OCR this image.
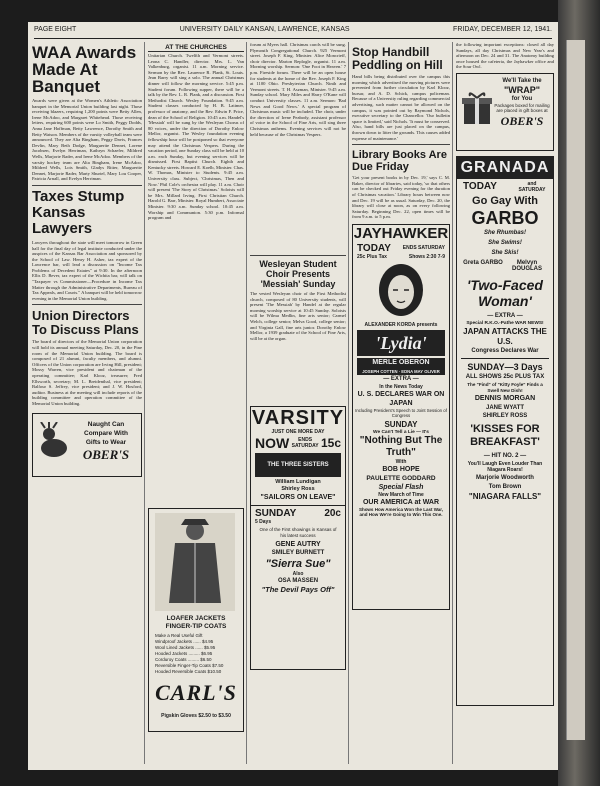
PAGE EIGHT	UNIVERSITY DAILY KANSAN, LAWRENCE, KANSAS	FRIDAY, DECEMBER 12, 1941.
WAA Awards Made At Banquet
Awards were given at the Women's Athletic Association banquet in the Memorial Union building last night. Those receiving blazers, requiring 1,200 points were Betty Allen, Irene McAdoo, and Margaret Whitehead. Those receiving letters, requiring 600 points were Lo Smith, Peggy Dodds, Anna Jane Hoffman, Betty Lawrence, Dorothy Smith and Betty Watson. Members of the varsity volleyball team were announced. They are Alta Bingham, Peggy Davis, Frances Devlin, Mary Beth Dodge, Marguerite Dennet, Lorene Jacobsen, Evelyn Herriman, Kathryn Schaefer, Mildred Wells, Marjorie Rader, and Irene McAdoo. Members of the varsity hockey team are Alta Bingham, Irene McAdoo, Mildred Wells, Lois Smith, Gladys Ritter, Marguerite Dennet, Marjorie Rader, Marty Shurtel, Mary Lou Cooper, Patricia Arnall, and Evelyn Herriman.
Taxes Stump Kansas Lawyers
Lawyers throughout the state will meet tomorrow in Green hall for the final day of legal institute conducted under the auspices of the Kansas Bar Association and sponsored by the School of Law. Henry H. Asher, tax expert of the Lawrence bar, will lead a discussion on "Income Tax Problems of Decedent Estates" at 9:30. In the afternoon Ellis D. Bever, tax expert of the Wichita bar, will talk on "Taxpayer vs Commissioner—Procedure in Income Tax Matter through the Administrative Departments, Bureau of Tax Appeals, and Courts." A banquet will be held tomorrow evening in the Memorial Union building.
Union Directors To Discuss Plans
The board of directors of the Memorial Union corporation will hold its annual meeting Saturday, Dec. 20, in the Pine room of the Memorial Union building. The board is composed of 21 alumni, faculty members, and alumni. Officers of the Union corporation are Irving Hill, president; Mossy Warren, vice president and chairman of the operating committee; Karl Klooz, treasurer; Fred Ellsworth, secretary; M. L. Breidenthal, vice president; Balfour S. Jeffrey, vice president; and J. W. Hosford, auditor. Business at the meeting will include reports of the building committee and operation committee of the Memorial Union building.
Naught Can
Compare With
Gifts to Wear
OBER'S
AT THE CHURCHES
Unitarian Church. Twelfth and Vermont streets. Leona C. Handler, director. Mrs. L. Van Valkenburg, organist. 11 a.m. Morning service. Sermon by the Rev. Laurence R. Plank, St. Louis. Jean Barry will sing a solo. The annual Christmas dinner will follow the morning service. 5:45 p.m. Student forum. Following supper, there will be a talk by the Rev. L. R. Plank, and a discussion. First Methodist Church. Wesley Foundation. 9:45 a.m. Student classes conducted by H. B. Latimer, professor of anatomy, and the Rev. Edwin F. Price, dean of the School of Religion. 10:45 a.m. Handel's 'Messiah' will be sung by the Wesleyan Chorus of 80 voices, under the direction of Dorothy Enlow Mellor, organist. The Wesley foundation evening fellowship hour will be postponed so that everyone may attend the Christmas Vespers. During the vacation period, one Sunday class will be held at 10 a.m. each Sunday, but evening services will be dismissed. First Baptist Church. Eighth and Kentucky streets. Howard E. Koelb, Minister. Chas. W. Thomas, Minister to Students. 9:45 a.m. University class. Subject, 'Christmas, Then and Now.' Phil Cole's orchestra will play. 11 a.m. Choir will present 'The Story of Christmas.' Soloists will be Mrs. Millard Irving. First Christian Church. Harold G. Barr, Minister. Royal Humbert, Associate Minister. 9:30 a.m. Sunday school. 10:45 a.m. Worship and Communion. 5:30 p.m. Informal program and
LOAFER JACKETS
FINGER-TIP COATS
Make a Real Useful Gift
Windproof Jackets ...... $4.95
Wool Lined Jackets ...... $5.95
Hooded Jackets ......... $6.95
Corduroy Coats ......... $6.50
Reversible Finger-Tip Coats $7.50
Hooded Reversible Coats $10.50
CARL'S
Pigskin Gloves $2.50 to $3.50
forum at Myers hall. Christmas carols will be sung. Plymouth Congregational Church. 925 Vermont street. Joseph F. King, Minister. Alice Moncrieff, choir director. Marion Replogle, organist. 11 a.m. Morning worship. Sermon: 'One Foot in Heaven.' 7 p.m. Fireside forum. There will be an open house for students at the home of the Rev. Joseph F. King at 1100 Ohio. Presbyterian Church. Ninth and Vermont streets. T. H. Aszman, Minister. 9:45 a.m. Sunday school. Mary Miles and Harry O'Kane will conduct University classes. 11 a.m. Sermon: 'Bad News and Good News.' A special program of Christmas music will be included. The choir, under the direction of Irene Peabody, assistant professor of voice in the School of Fine Arts, will sing three Christmas anthems. Evening services will not be held because of the Christmas Vespers.
Wesleyan Student Choir Presents 'Messiah' Sunday
The vested Wesleyan choir of the First Methodist church, composed of 80 University students, will present 'The Messiah' by Handel at the regular morning worship service at 10:45 Sunday. Soloists will be Wilma Medlin, fine arts senior; Carmel Welch, college senior; Melva Good, college senior; and Virginia Gall, fine arts junior. Dorothy Enlow Mellor, a 1939 graduate of the School of Fine Arts, will be at the organ.
VARSITY
JUST ONE MORE DAY
NOW	ENDS SATURDAY 15c
THE THREE SISTERS
William Lundigan
Shirley Ross
"SAILORS ON LEAVE"
SUNDAY	20c
5 Days
One of the First showings in Kansas of his latest success
GENE AUTRY
SMILEY BURNETT
"Sierra Sue"
Also
OSA MASSEN
"The Devil Pays Off"
Stop Handbill Peddling on Hill
Hand bills being distributed over the campus this morning which advertised the moving pictures were prevented from further circulation by Karl Klooz, bursar, and A. D. Schick, campus policeman. Because of a University ruling regarding commercial advertising, such matter cannot be allowed on the campus, it was pointed out by Raymond Nichols, executive secretary to the Chancellor. 'Our bulletin space is limited,' said Nichols. 'It must be conserved. Also, hand bills are just placed on the campus, thrown down to litter the grounds. This causes added expense of maintenance.'
Library Books Are Due Friday
'Get your present books in by Dec. 19,' says C. M. Baker, director of libraries, said today, 'so that others can be checked out Friday evening for the duration of Christmas vacation.' Library hours between now and Dec. 19 will be as usual. Saturday, Dec. 20, the library will close at noon, as on every following Saturday. Beginning Dec. 22, open times will be from 9 a.m. to 5 p.m.
JAYHAWKER
TODAY ENDS SATURDAY
25c Plus Tax	Shows 2:30 7-9
ALEXANDER KORDA presents
'Lydia'
MERLE OBERON
JOSEPH COTTEN · EDNA MAY OLIVER
— EXTRA —
In the News Today
U. S. DECLARES WAR ON JAPAN
Including President's Speech to Joint Session of Congress
SUNDAY
We Can't Tell a Lie — It's
"Nothing But The Truth"
With
BOB HOPE
PAULETTE GODDARD
Special Flash
New March of Time
OUR AMERICA at WAR
Shows How America Won the Last War, and How We're Going to Win This One.
the following important exceptions: closed all day Sundays, all day Christmas and New Year's and afternoon on Dec. 24 and 31. The Anatomy building once housed the cafeteria, the Jayhawker office and the Sour Owl.
We'll Take the
"WRAP"
for You
Packages boxed for mailing are placed in gift boxes at
OBER'S
GRANADA
TODAY	and SATURDAY
Go Gay With
GARBO
She Rhumbas!
She Swims!
She Skis!
Greta GARBO	Melvyn DOUGLAS
'Two-Faced Woman'
— EXTRA —
Special R.K.O.-Pathe WAR NEWS!
JAPAN ATTACKS THE U.S.
Congress Declares War
SUNDAY—3 Days
ALL SHOWS 25c PLUS TAX
The "Find" of "Kitty Foyle" Finds a Swell New Dish!
DENNIS MORGAN
JANE WYATT
SHIRLEY ROSS
'KISSES FOR BREAKFAST'
— HIT NO. 2 —
You'll Laugh Even Louder Than Niagara Roars!
Marjorie Woodworth
Tom Brown
"NIAGARA FALLS"
